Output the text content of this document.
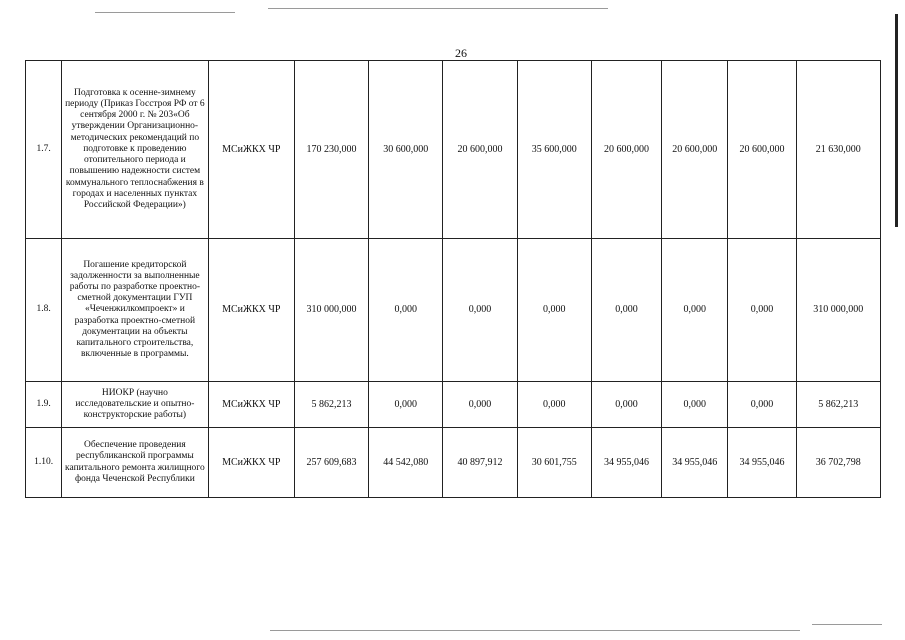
26
1.7.	Подготовка к осенне-зимнему периоду (Приказ Госстроя РФ от 6 сентября 2000 г. № 203«Об утверждении Организационно-методических рекомендаций по подготовке к проведению отопительного периода и повышению надежности систем коммунального теплоснабжения в городах и населенных пунктах Российской Федерации»)	МСиЖКХ ЧР	170 230,000	30 600,000	20 600,000	35 600,000	20 600,000	20 600,000	20 600,000	21 630,000
1.8.	Погашение кредиторской задолженности за выполненные работы по разработке проектно-сметной документации ГУП «Чеченжилкомпроект» и разработка проектно-сметной документации на объекты капитального строительства, включенные в программы.	МСиЖКХ ЧР	310 000,000	0,000	0,000	0,000	0,000	0,000	0,000	310 000,000
1.9.	НИОКР (научно исследовательские и опытно-конструкторские работы)	МСиЖКХ ЧР	5 862,213	0,000	0,000	0,000	0,000	0,000	0,000	5 862,213
1.10.	Обеспечение проведения республиканской программы капитального ремонта жилищного фонда Чеченской Республики	МСиЖКХ ЧР	257 609,683	44 542,080	40 897,912	30 601,755	34 955,046	34 955,046	34 955,046	36 702,798
